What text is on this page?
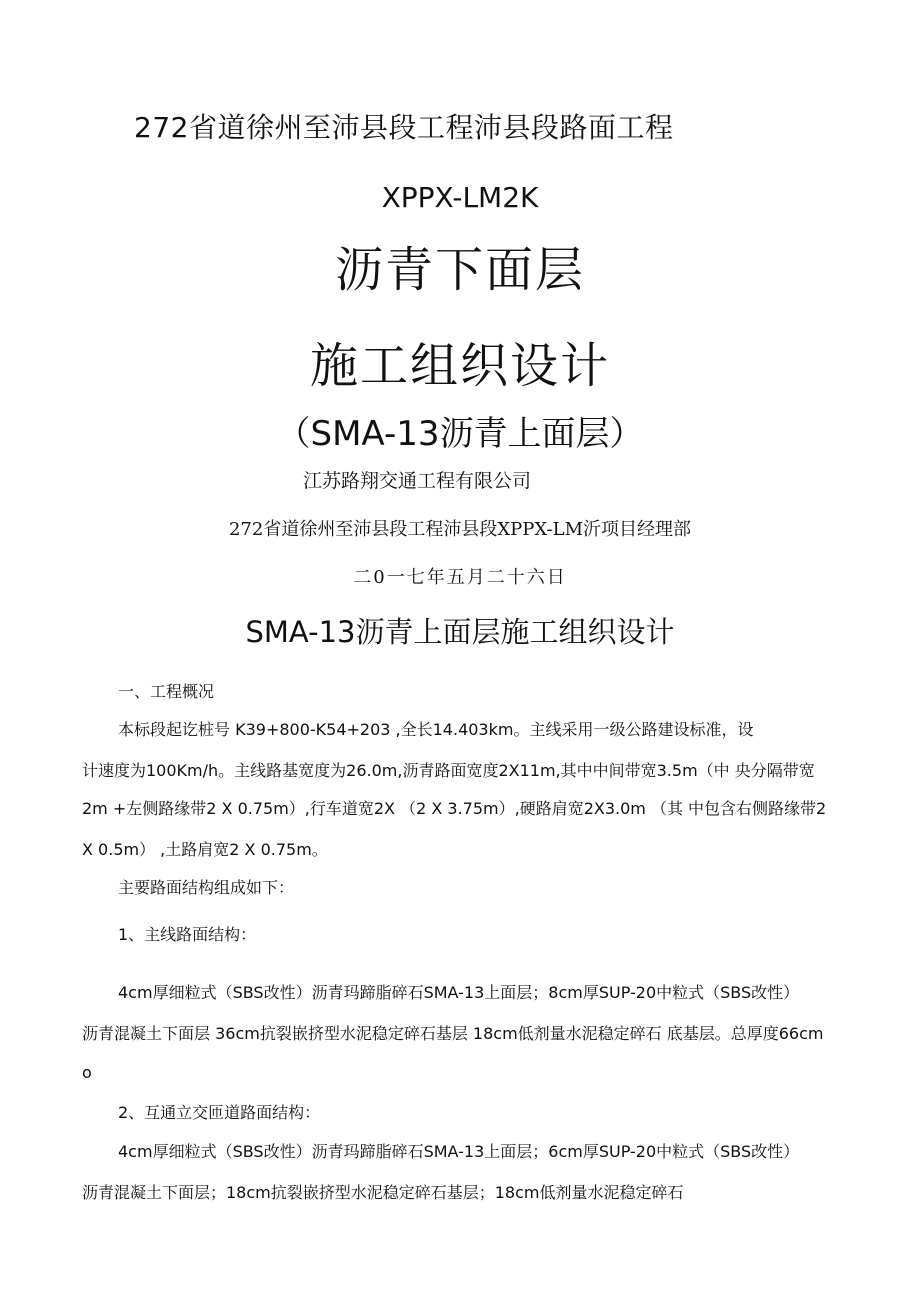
272省道徐州至沛县段工程沛县段路面工程
XPPX-LM2K
沥青下面层
施工组织设计
（SMA-13沥青上面层）
江苏路翔交通工程有限公司
272省道徐州至沛县段工程沛县段XPPX-LM沂项目经理部
二0一七年五月二十六日
SMA-13沥青上面层施工组织设计
一、工程概况
本标段起讫桩号 K39+800-K54+203 ,全长14.403km。主线采用一级公路建设标准，设
计速度为100Km/h。主线路基宽度为26.0m,沥青路面宽度2X11m,其中中间带宽3.5m（中 央分隔带宽
2m +左侧路缘带2 X 0.75m）,行车道宽2X （2 X 3.75m）,硬路肩宽2X3.0m （其 中包含右侧路缘带2
X 0.5m） ,土路肩宽2 X 0.75m。
主要路面结构组成如下：
1、主线路面结构：
4cm厚细粒式（SBS改性）沥青玛蹄脂碎石SMA-13上面层；8cm厚SUP-20中粒式（SBS改性）
沥青混凝土下面层 36cm抗裂嵌挤型水泥稳定碎石基层 18cm低剂量水泥稳定碎石 底基层。总厚度66cm
o
2、互通立交匝道路面结构：
4cm厚细粒式（SBS改性）沥青玛蹄脂碎石SMA-13上面层；6cm厚SUP-20中粒式（SBS改性）
沥青混凝土下面层；18cm抗裂嵌挤型水泥稳定碎石基层；18cm低剂量水泥稳定碎石
